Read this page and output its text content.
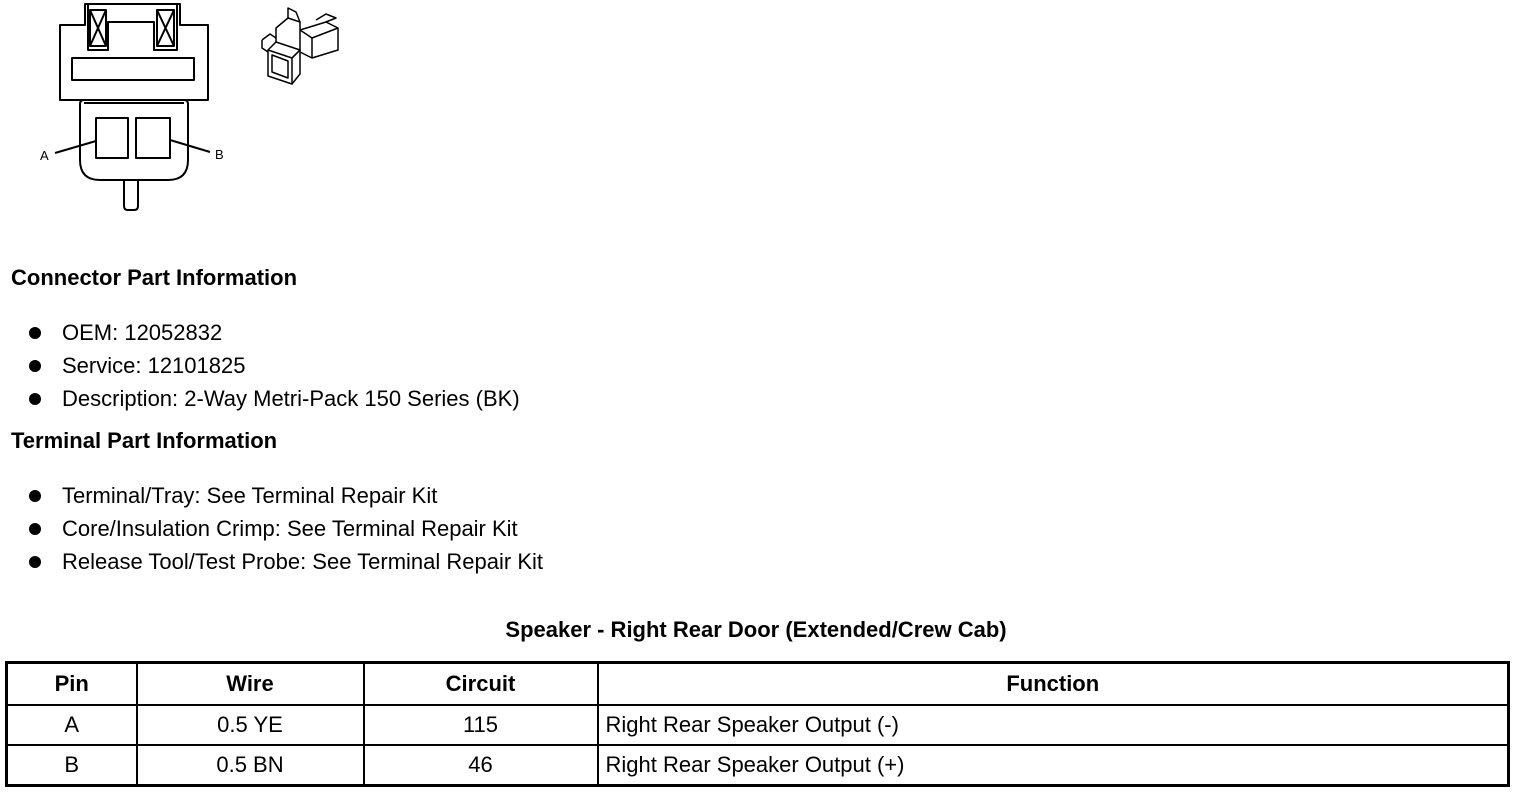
A	B
Connector Part Information
OEM: 12052832
Service: 12101825
Description: 2-Way Metri-Pack 150 Series (BK)
Terminal Part Information
Terminal/Tray: See Terminal Repair Kit
Core/Insulation Crimp: See Terminal Repair Kit
Release Tool/Test Probe: See Terminal Repair Kit
Speaker - Right Rear Door (Extended/Crew Cab)
Pin	Wire	Circuit	Function
A	0.5 YE	115	Right Rear Speaker Output (-)
B	0.5 BN	46	Right Rear Speaker Output (+)
